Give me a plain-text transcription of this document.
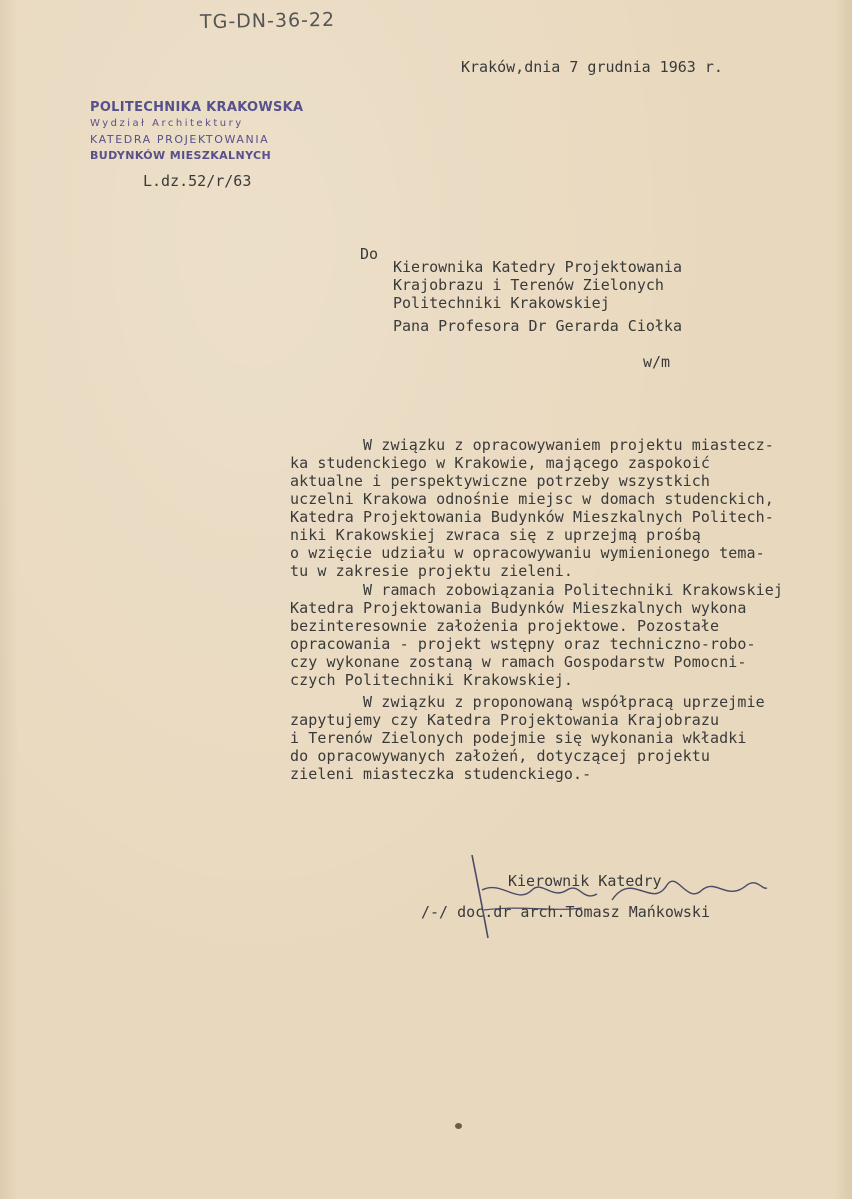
TG-DN-36-22
Kraków,dnia 7 grudnia 1963 r.
POLITECHNIKA KRAKOWSKA
Wydział Architektury
KATEDRA PROJEKTOWANIA
BUDYNKÓW MIESZKALNYCH
L.dz.52/r/63
Do
Kierownika Katedry Projektowania
Krajobrazu i Terenów Zielonych
Politechniki Krakowskiej
Pana Profesora Dr Gerarda Ciołka
w/m
W związku z opracowywaniem projektu miastecz-
ka studenckiego w Krakowie, mającego zaspokoić
aktualne i perspektywiczne potrzeby wszystkich
uczelni Krakowa odnośnie miejsc w domach studenckich,
Katedra Projektowania Budynków Mieszkalnych Politech-
niki Krakowskiej zwraca się z uprzejmą prośbą
o wzięcie udziału w opracowywaniu wymienionego tema-
tu w zakresie projektu zieleni.
W ramach zobowiązania Politechniki Krakowskiej
Katedra Projektowania Budynków Mieszkalnych wykona
bezinteresownie założenia projektowe. Pozostałe
opracowania - projekt wstępny oraz techniczno-robo-
czy wykonane zostaną w ramach Gospodarstw Pomocni-
czych Politechniki Krakowskiej.
W związku z proponowaną współpracą uprzejmie
zapytujemy czy Katedra Projektowania Krajobrazu
i Terenów Zielonych podejmie się wykonania wkładki
do opracowywanych założeń, dotyczącej projektu
zieleni miasteczka studenckiego.-
Kierownik Katedry
/-/ doc.dr arch.Tomasz Mańkowski
